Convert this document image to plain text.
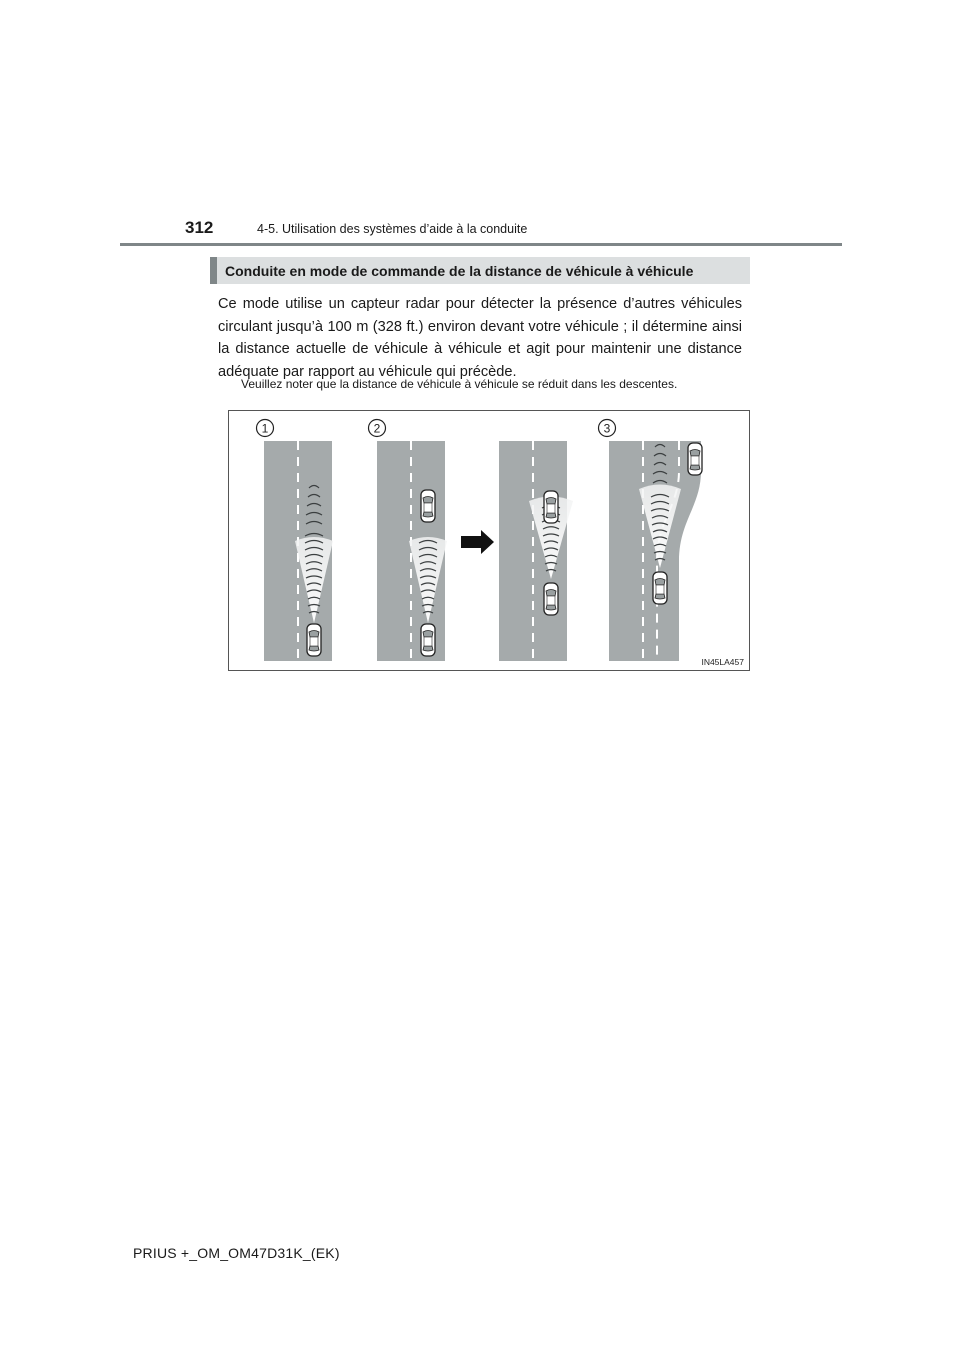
312	4-5. Utilisation des systèmes d’aide à la conduite
Conduite en mode de commande de la distance de véhicule à véhicule
Ce mode utilise un capteur radar pour détecter la présence d’autres véhicules circulant jusqu’à 100 m (328 ft.) environ devant votre véhicule ; il détermine ainsi la distance actuelle de véhicule à véhicule et agit pour maintenir une distance adéquate par rapport au véhicule qui précède.
Veuillez noter que la distance de véhicule à véhicule se réduit dans les descentes.
1	2	3
IN45LA457
PRIUS +_OM_OM47D31K_(EK)
